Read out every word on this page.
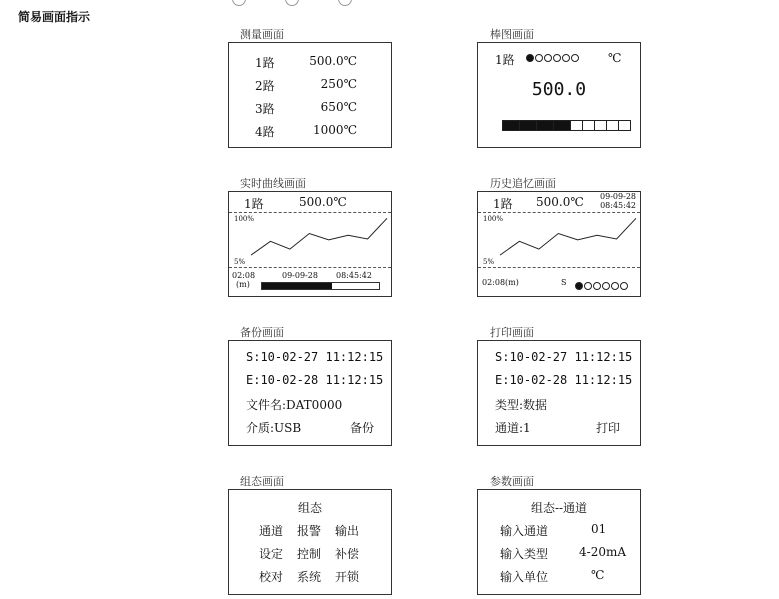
简易画面指示
测量画面
1路	500.0℃
2路	250℃
3路	650℃
4路	1000℃
棒图画面
1路	℃
500.0
实时曲线画面
1路	500.0℃
100%
5%
02:08
(m)
09-09-28 08:45:42
历史追忆画面
1路 500.0℃ 09-09-28
08:45:42
100%
5%
02:08(m)	S
备份画面
S:10-02-27 11:12:15
E:10-02-28 11:12:15
文件名:DAT0000
介质:USB	备份
打印画面
S:10-02-27 11:12:15
E:10-02-28 11:12:15
类型:数据
通道:1	打印
组态画面
组态
通道 报警 输出
设定 控制 补偿
校对 系统 开锁
参数画面
组态--通道
输入通道	01
输入类型	4-20mA
输入单位	℃
